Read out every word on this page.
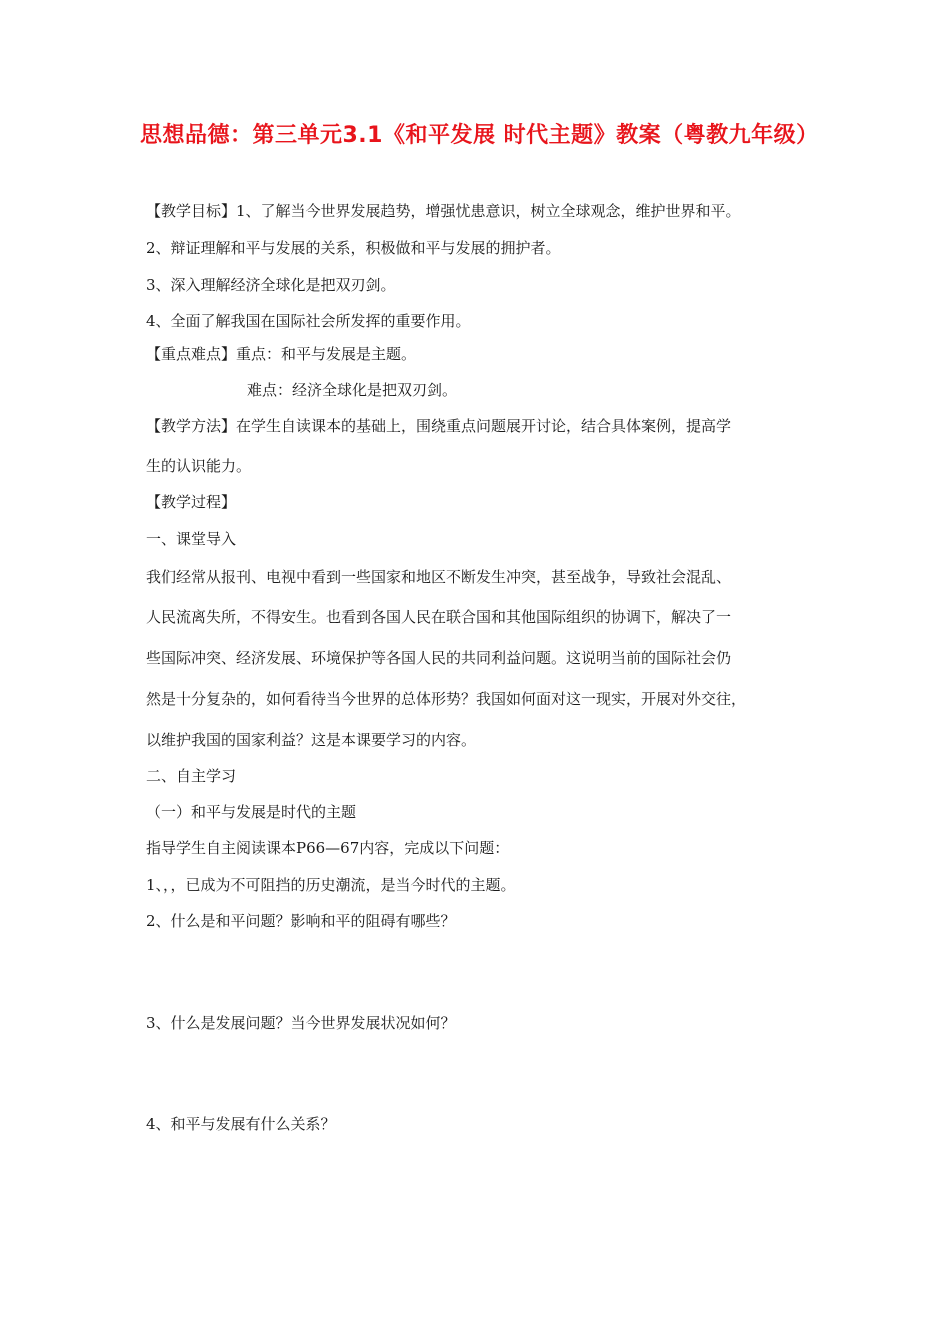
思想品德：第三单元3.1《和平发展 时代主题》教案（粤教九年级）
【教学目标】1、了解当今世界发展趋势，增强忧患意识，树立全球观念，维护世界和平。
2、辩证理解和平与发展的关系，积极做和平与发展的拥护者。
3、深入理解经济全球化是把双刃剑。
4、全面了解我国在国际社会所发挥的重要作用。
【重点难点】重点：和平与发展是主题。
难点：经济全球化是把双刃剑。
【教学方法】在学生自读课本的基础上，围绕重点问题展开讨论，结合具体案例，提高学
生的认识能力。
【教学过程】
一、课堂导入
我们经常从报刊、电视中看到一些国家和地区不断发生冲突，甚至战争，导致社会混乱、
人民流离失所，不得安生。也看到各国人民在联合国和其他国际组织的协调下，解决了一
些国际冲突、经济发展、环境保护等各国人民的共同利益问题。这说明当前的国际社会仍
然是十分复杂的，如何看待当今世界的总体形势？我国如何面对这一现实，开展对外交往，
以维护我国的国家利益？这是本课要学习的内容。
二、自主学习
（一）和平与发展是时代的主题
指导学生自主阅读课本P66—67内容，完成以下问题：
1、，，已成为不可阻挡的历史潮流，是当今时代的主题。
2、什么是和平问题？影响和平的阻碍有哪些？
3、什么是发展问题？当今世界发展状况如何？
4、和平与发展有什么关系？
